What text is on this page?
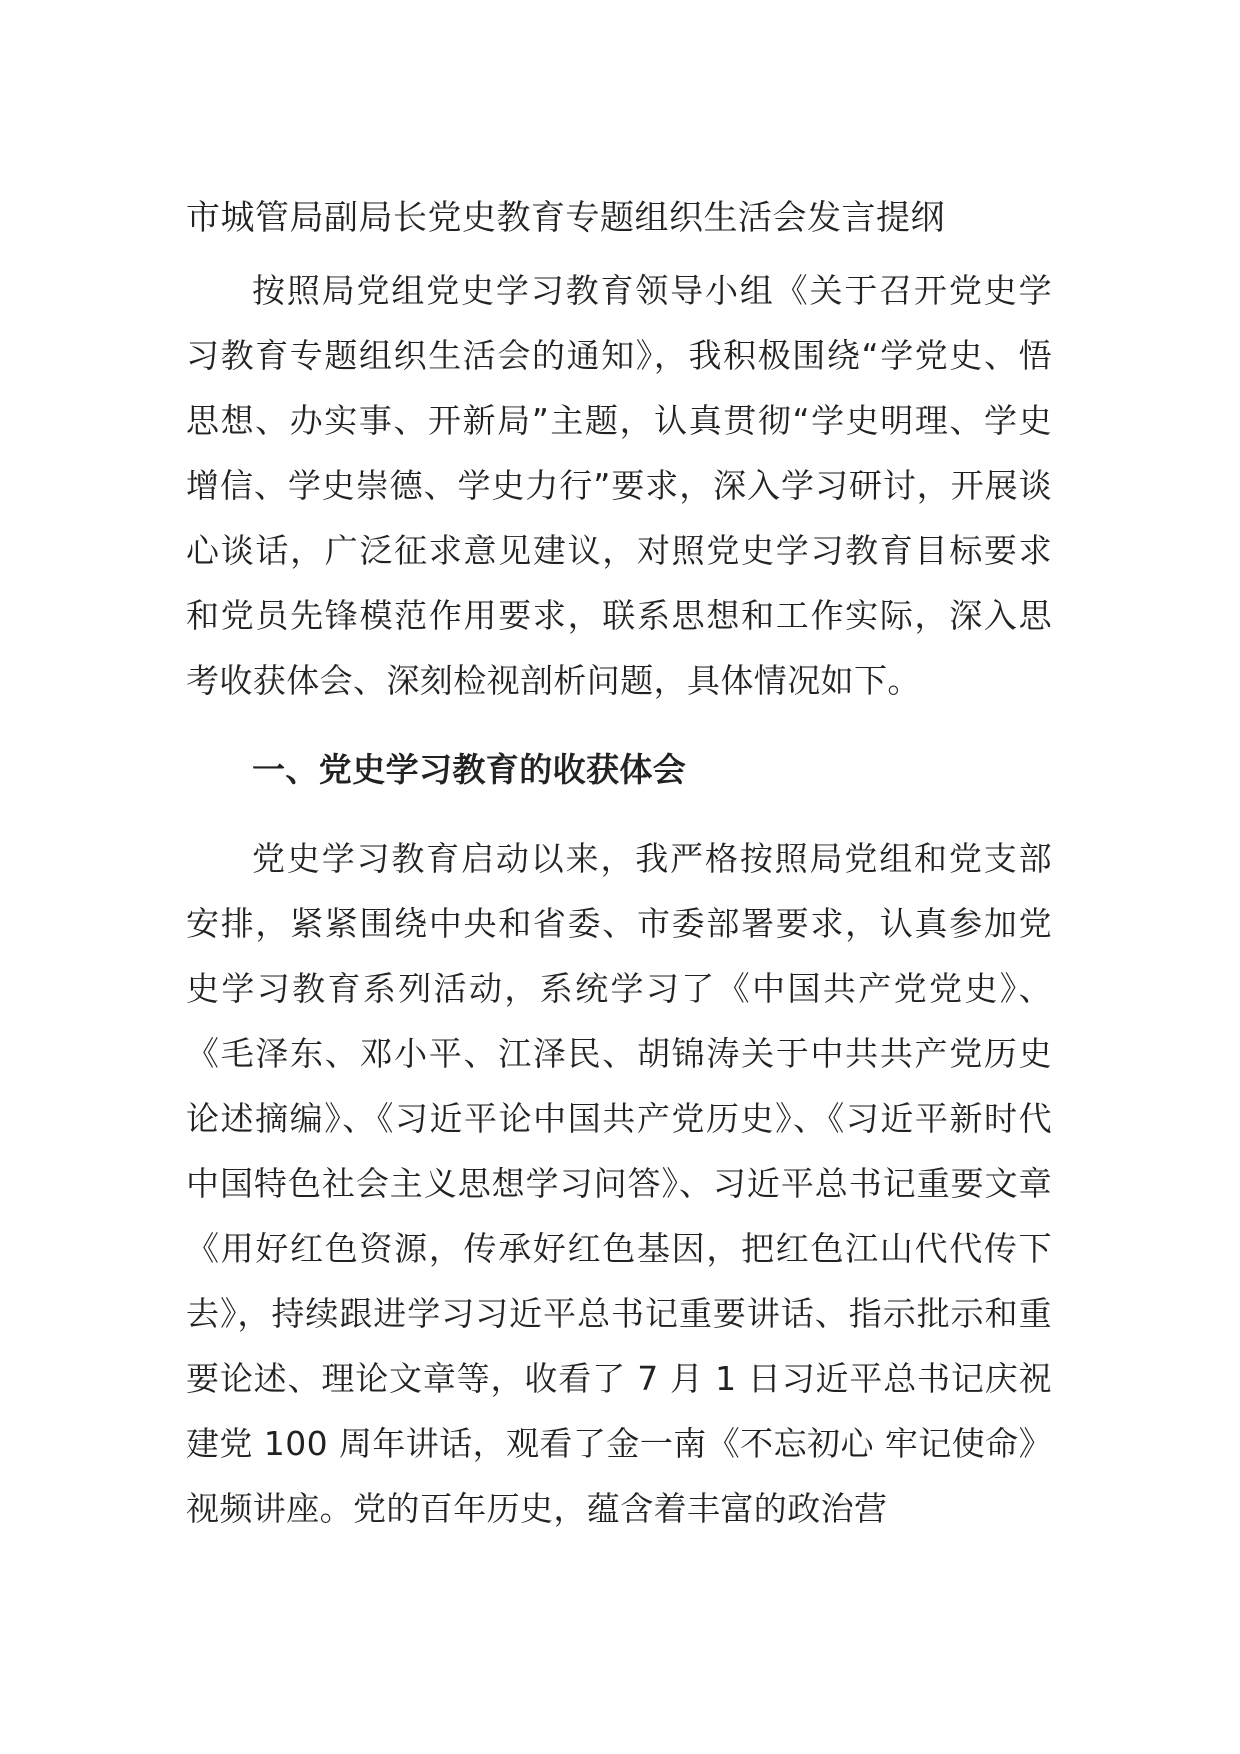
市城管局副局长党史教育专题组织生活会发言提纲

按照局党组党史学习教育领导小组《关于召开党史学习教育专题组织生活会的通知》，我积极围绕“学党史、悟思想、办实事、开新局”主题，认真贯彻“学史明理、学史增信、学史崇德、学史力行”要求，深入学习研讨，开展谈心谈话，广泛征求意见建议，对照党史学习教育目标要求和党员先锋模范作用要求，联系思想和工作实际，深入思考收获体会、深刻检视剖析问题，具体情况如下。

一、党史学习教育的收获体会

党史学习教育启动以来，我严格按照局党组和党支部安排，紧紧围绕中央和省委、市委部署要求，认真参加党史学习教育系列活动，系统学习了《中国共产党党史》、《毛泽东、邓小平、江泽民、胡锦涛关于中共共产党历史论述摘编》、《习近平论中国共产党历史》、《习近平新时代中国特色社会主义思想学习问答》、习近平总书记重要文章《用好红色资源，传承好红色基因，把红色江山代代传下去》，持续跟进学习习近平总书记重要讲话、指示批示和重要论述、理论文章等，收看了 7 月 1 日习近平总书记庆祝建党 100 周年讲话，观看了金一南《不忘初心 牢记使命》视频讲座。党的百年历史，蕴含着丰富的政治营
